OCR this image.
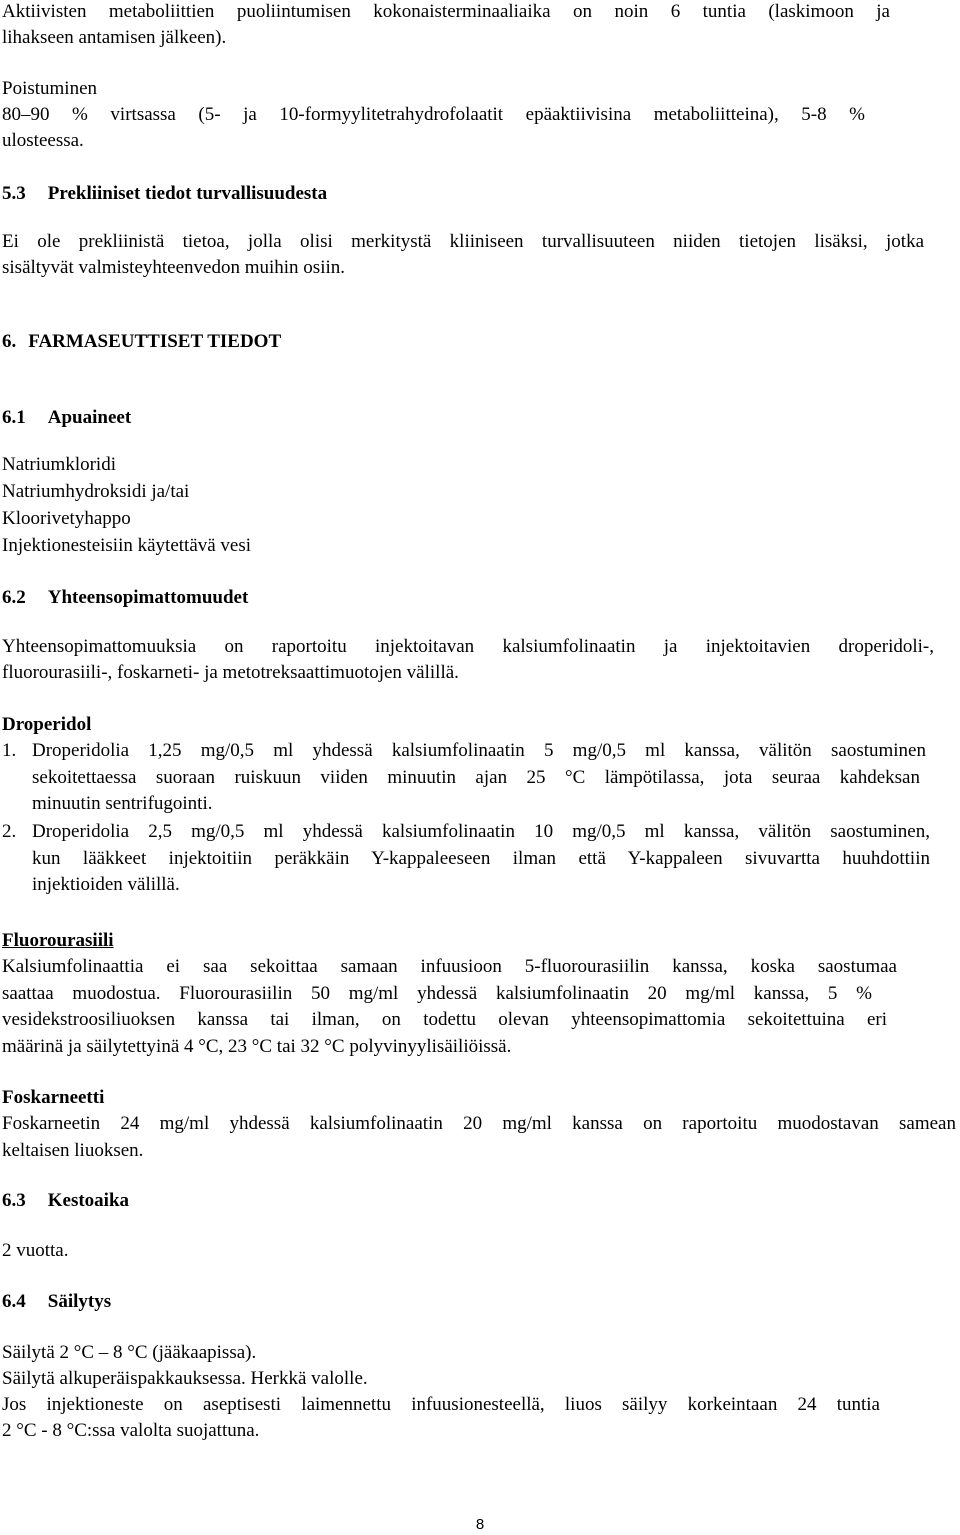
Aktiivisten metaboliittien puoliintumisen kokonaisterminaaliaika on noin 6 tuntia (laskimoon ja
lihakseen antamisen jälkeen).
Poistuminen
80–90 % virtsassa (5- ja 10-formyylitetrahydrofolaatit epäaktiivisina metaboliitteina), 5-8 %
ulosteessa.
5.3 Prekliiniset tiedot turvallisuudesta
Ei ole prekliinistä tietoa, jolla olisi merkitystä kliiniseen turvallisuuteen niiden tietojen lisäksi, jotka
sisältyvät valmisteyhteenvedon muihin osiin.
6. FARMASEUTTISET TIEDOT
6.1 Apuaineet
Natriumkloridi
Natriumhydroksidi ja/tai
Kloorivetyhappo
Injektionesteisiin käytettävä vesi
6.2 Yhteensopimattomuudet
Yhteensopimattomuuksia on raportoitu injektoitavan kalsiumfolinaatin ja injektoitavien droperidoli-,
fluorourasiili-, foskarneti- ja metotreksaattimuotojen välillä.
Droperidol
1. Droperidolia 1,25 mg/0,5 ml yhdessä kalsiumfolinaatin 5 mg/0,5 ml kanssa, välitön saostuminen
sekoitettaessa suoraan ruiskuun viiden minuutin ajan 25 °C lämpötilassa, jota seuraa kahdeksan
minuutin sentrifugointi.
2. Droperidolia 2,5 mg/0,5 ml yhdessä kalsiumfolinaatin 10 mg/0,5 ml kanssa, välitön saostuminen,
kun lääkkeet injektoitiin peräkkäin Y-kappaleeseen ilman että Y-kappaleen sivuvartta huuhdottiin
injektioiden välillä.
Fluorourasiili
Kalsiumfolinaattia ei saa sekoittaa samaan infuusioon 5-fluorourasiilin kanssa, koska saostumaa
saattaa muodostua. Fluorourasiilin 50 mg/ml yhdessä kalsiumfolinaatin 20 mg/ml kanssa, 5 %
vesidekstroosiliuoksen kanssa tai ilman, on todettu olevan yhteensopimattomia sekoitettuina eri
määrinä ja säilytettyinä 4 °C, 23 °C tai 32 °C polyvinyylisäiliöissä.
Foskarneetti
Foskarneetin 24 mg/ml yhdessä kalsiumfolinaatin 20 mg/ml kanssa on raportoitu muodostavan samean
keltaisen liuoksen.
6.3 Kestoaika
2 vuotta.
6.4 Säilytys
Säilytä 2 °C – 8 °C (jääkaapissa).
Säilytä alkuperäispakkauksessa. Herkkä valolle.
Jos injektioneste on aseptisesti laimennettu infuusionesteellä, liuos säilyy korkeintaan 24 tuntia
2 °C - 8 °C:ssa valolta suojattuna.
8
